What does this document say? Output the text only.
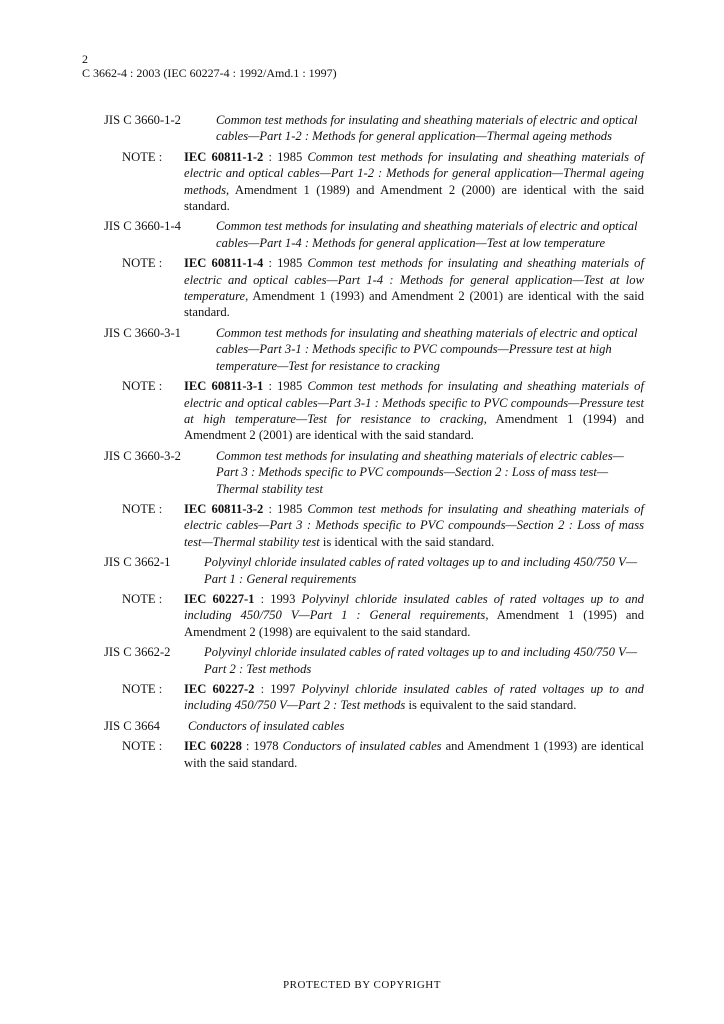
2
C 3662-4 : 2003 (IEC 60227-4 : 1992/Amd.1 : 1997)
JIS C 3660-1-2	Common test methods for insulating and sheathing materials of electric and optical cables—Part 1-2 : Methods for general application—Thermal ageing methods
NOTE : IEC 60811-1-2 : 1985 Common test methods for insulating and sheathing materials of electric and optical cables—Part 1-2 : Methods for general application—Thermal ageing methods, Amendment 1 (1989) and Amendment 2 (2000) are identical with the said standard.
JIS C 3660-1-4	Common test methods for insulating and sheathing materials of electric and optical cables—Part 1-4 : Methods for general application—Test at low temperature
NOTE : IEC 60811-1-4 : 1985 Common test methods for insulating and sheathing materials of electric and optical cables—Part 1-4 : Methods for general application—Test at low temperature, Amendment 1 (1993) and Amendment 2 (2001) are identical with the said standard.
JIS C 3660-3-1	Common test methods for insulating and sheathing materials of electric and optical cables—Part 3-1 : Methods specific to PVC compounds—Pressure test at high temperature—Test for resistance to cracking
NOTE : IEC 60811-3-1 : 1985 Common test methods for insulating and sheathing materials of electric and optical cables—Part 3-1 : Methods specific to PVC compounds—Pressure test at high temperature—Test for resistance to cracking, Amendment 1 (1994) and Amendment 2 (2001) are identical with the said standard.
JIS C 3660-3-2	Common test methods for insulating and sheathing materials of electric cables—Part 3 : Methods specific to PVC compounds—Section 2 : Loss of mass test—Thermal stability test
NOTE : IEC 60811-3-2 : 1985 Common test methods for insulating and sheathing materials of electric cables—Part 3 : Methods specific to PVC compounds—Section 2 : Loss of mass test—Thermal stability test is identical with the said standard.
JIS C 3662-1	Polyvinyl chloride insulated cables of rated voltages up to and including 450/750 V—Part 1 : General requirements
NOTE : IEC 60227-1 : 1993 Polyvinyl chloride insulated cables of rated voltages up to and including 450/750 V—Part 1 : General requirements, Amendment 1 (1995) and Amendment 2 (1998) are equivalent to the said standard.
JIS C 3662-2	Polyvinyl chloride insulated cables of rated voltages up to and including 450/750 V—Part 2 : Test methods
NOTE : IEC 60227-2 : 1997 Polyvinyl chloride insulated cables of rated voltages up to and including 450/750 V—Part 2 : Test methods is equivalent to the said standard.
JIS C 3664 Conductors of insulated cables
NOTE : IEC 60228 : 1978 Conductors of insulated cables and Amendment 1 (1993) are identical with the said standard.
PROTECTED BY COPYRIGHT
